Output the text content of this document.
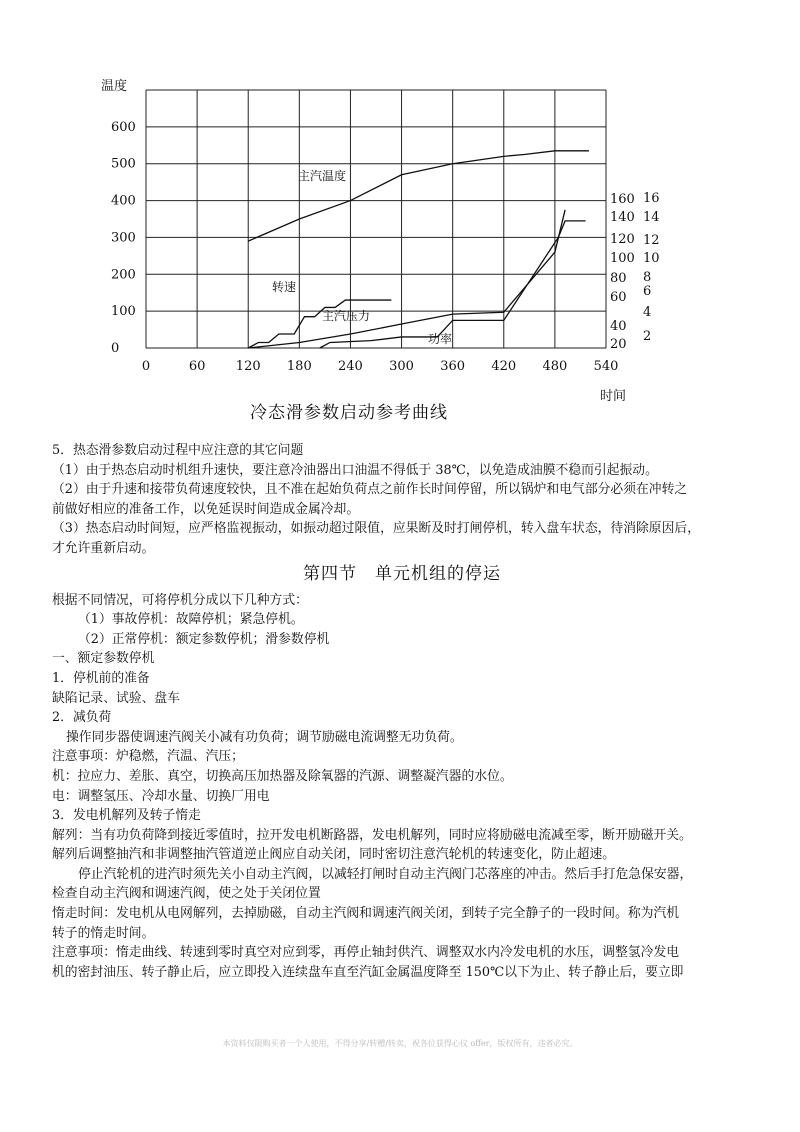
主汽温度
转速
主汽压力
功率
0
100
200
300
400
500
600
温度
0	60 120 180 240 300 360 420 480 540
时间
20
40
60
80
100
120
140
160
2
4
6
8
10
12
14
16
冷态滑参数启动参考曲线

5．热态滑参数启动过程中应注意的其它问题

（1）由于热态启动时机组升速快，要注意冷油器出口油温不得低于 38℃，以免造成油膜不稳而引起振动。

（2）由于升速和接带负荷速度较快，且不准在起始负荷点之前作长时间停留，所以锅炉和电气部分必须在冲转之

前做好相应的准备工作，以免延误时间造成金属冷却。

（3）热态启动时间短，应严格监视振动，如振动超过限值，应果断及时打闸停机，转入盘车状态，待消除原因后，

才允许重新启动。

第四节　单元机组的停运

根据不同情况，可将停机分成以下几种方式：

（1）事故停机：故障停机；紧急停机。

（2）正常停机：额定参数停机；滑参数停机

一、额定参数停机

1．停机前的准备

缺陷记录、试验、盘车

2．减负荷

操作同步器使调速汽阀关小减有功负荷；调节励磁电流调整无功负荷。

注意事项：炉稳燃，汽温、汽压；

机：拉应力、差胀、真空，切换高压加热器及除氧器的汽源、调整凝汽器的水位。

电：调整氢压、冷却水量、切换厂用电

3．发电机解列及转子惰走

解列：当有功负荷降到接近零值时，拉开发电机断路器，发电机解列，同时应将励磁电流减至零，断开励磁开关。

解列后调整抽汽和非调整抽汽管道逆止阀应自动关闭，同时密切注意汽轮机的转速变化，防止超速。

停止汽轮机的进汽时须先关小自动主汽阀，以减轻打闸时自动主汽阀门芯落座的冲击。然后手打危急保安器，

检查自动主汽阀和调速汽阀，使之处于关闭位置

惰走时间：发电机从电网解列，去掉励磁，自动主汽阀和调速汽阀关闭，到转子完全静子的一段时间。称为汽机

转子的惰走时间。

注意事项：惰走曲线、转速到零时真空对应到零，再停止轴封供汽、调整双水内冷发电机的水压，调整氢冷发电

机的密封油压、转子静止后，应立即投入连续盘车直至汽缸金属温度降至 150℃以下为止、转子静止后，要立即

本资料仅限购买者一个人使用，不得分享/转赠/转卖，祝各位获得心仪 offer，版权所有，违者必究。
